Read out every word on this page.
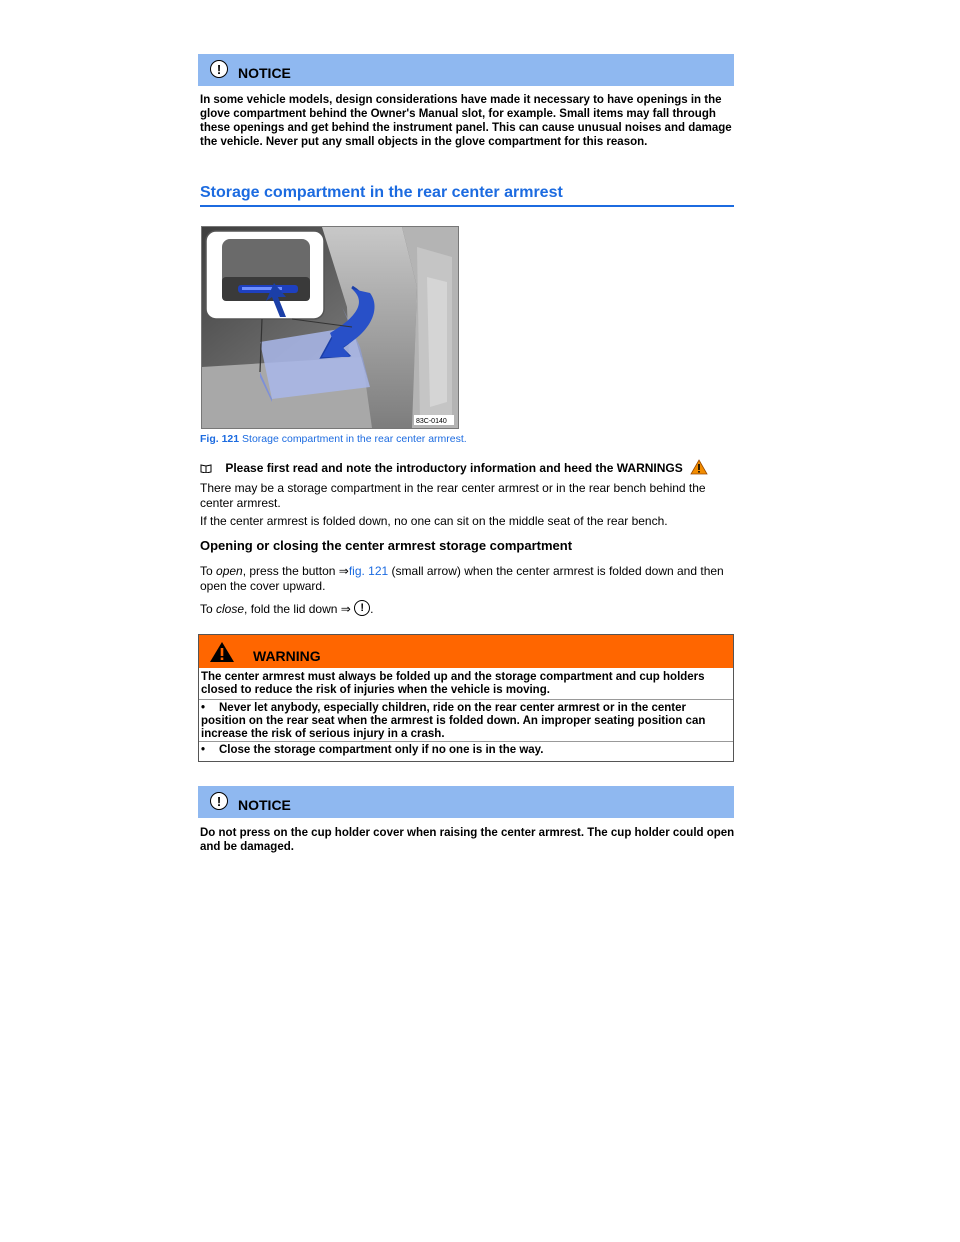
!	NOTICE
In some vehicle models, design considerations have made it necessary to have openings in the glove compartment behind the Owner's Manual slot, for example. Small items may fall through these openings and get behind the instrument panel. This can cause unusual noises and damage the vehicle. Never put any small objects in the glove compartment for this reason.
Storage compartment in the rear center armrest
83C-0140
Fig. 121 Storage compartment in the rear center armrest.
Please first read and note the introductory information and heed the WARNINGS
There may be a storage compartment in the rear center armrest or in the rear bench behind the center armrest.
If the center armrest is folded down, no one can sit on the middle seat of the rear bench.
Opening or closing the center armrest storage compartment
To open, press the button ⇒fig. 121 (small arrow) when the center armrest is folded down and then open the cover upward.
To close, fold the lid down ⇒ ! .
WARNING
The center armrest must always be folded up and the storage compartment and cup holders closed to reduce the risk of injuries when the vehicle is moving.
• Never let anybody, especially children, ride on the rear center armrest or in the center position on the rear seat when the armrest is folded down. An improper seating position can increase the risk of serious injury in a crash.
• Close the storage compartment only if no one is in the way.
!	NOTICE
Do not press on the cup holder cover when raising the center armrest. The cup holder could open and be damaged.
